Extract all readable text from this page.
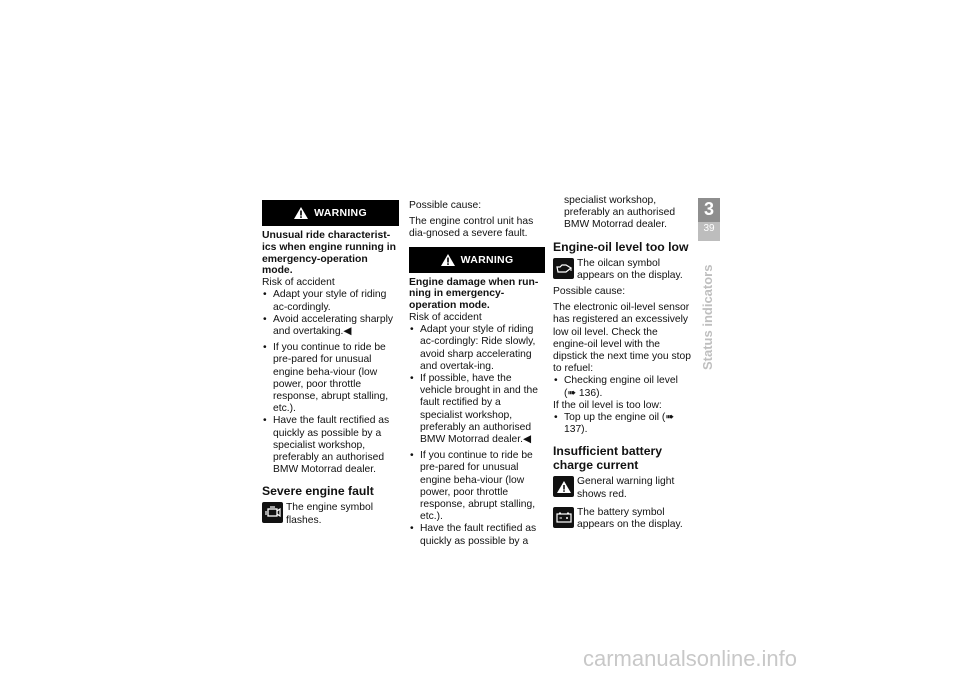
WARNING

Unusual ride characterist-ics when engine running in emergency-operation mode.

Risk of accident

• Adapt your style of riding ac-cordingly.
• Avoid accelerating sharply and overtaking.◀
• If you continue to ride be pre-pared for unusual engine beha-viour (low power, poor throttle response, abrupt stalling, etc.).
• Have the fault rectified as quickly as possible by a specialist workshop, preferably an authorised BMW Motorrad dealer.
Severe engine fault

The engine symbol flashes.

Possible cause:

The engine control unit has dia-gnosed a severe fault.

WARNING

Engine damage when run-ning in emergency-operation mode.

Risk of accident

• Adapt your style of riding ac-cordingly: Ride slowly, avoid sharp accelerating and overtak-ing.
• If possible, have the vehicle brought in and the fault rectified by a specialist workshop, preferably an authorised BMW Motorrad dealer.◀
• If you continue to ride be pre-pared for unusual engine beha-viour (low power, poor throttle response, abrupt stalling, etc.).
• Have the fault rectified as quickly as possible by a

specialist workshop, preferably an authorised BMW Motorrad dealer.

Engine-oil level too low

The oilcan symbol appears on the display.

Possible cause:

The electronic oil-level sensor has registered an excessively low oil level. Check the engine-oil level with the dipstick the next time you stop to refuel:

• Checking engine oil level (➠ 136).

If the oil level is too low:

• Top up the engine oil (➠ 137).
Insufficient battery charge current

General warning light shows red.

The battery symbol appears on the display.

3
39
Status indicators
carmanualsonline.info
